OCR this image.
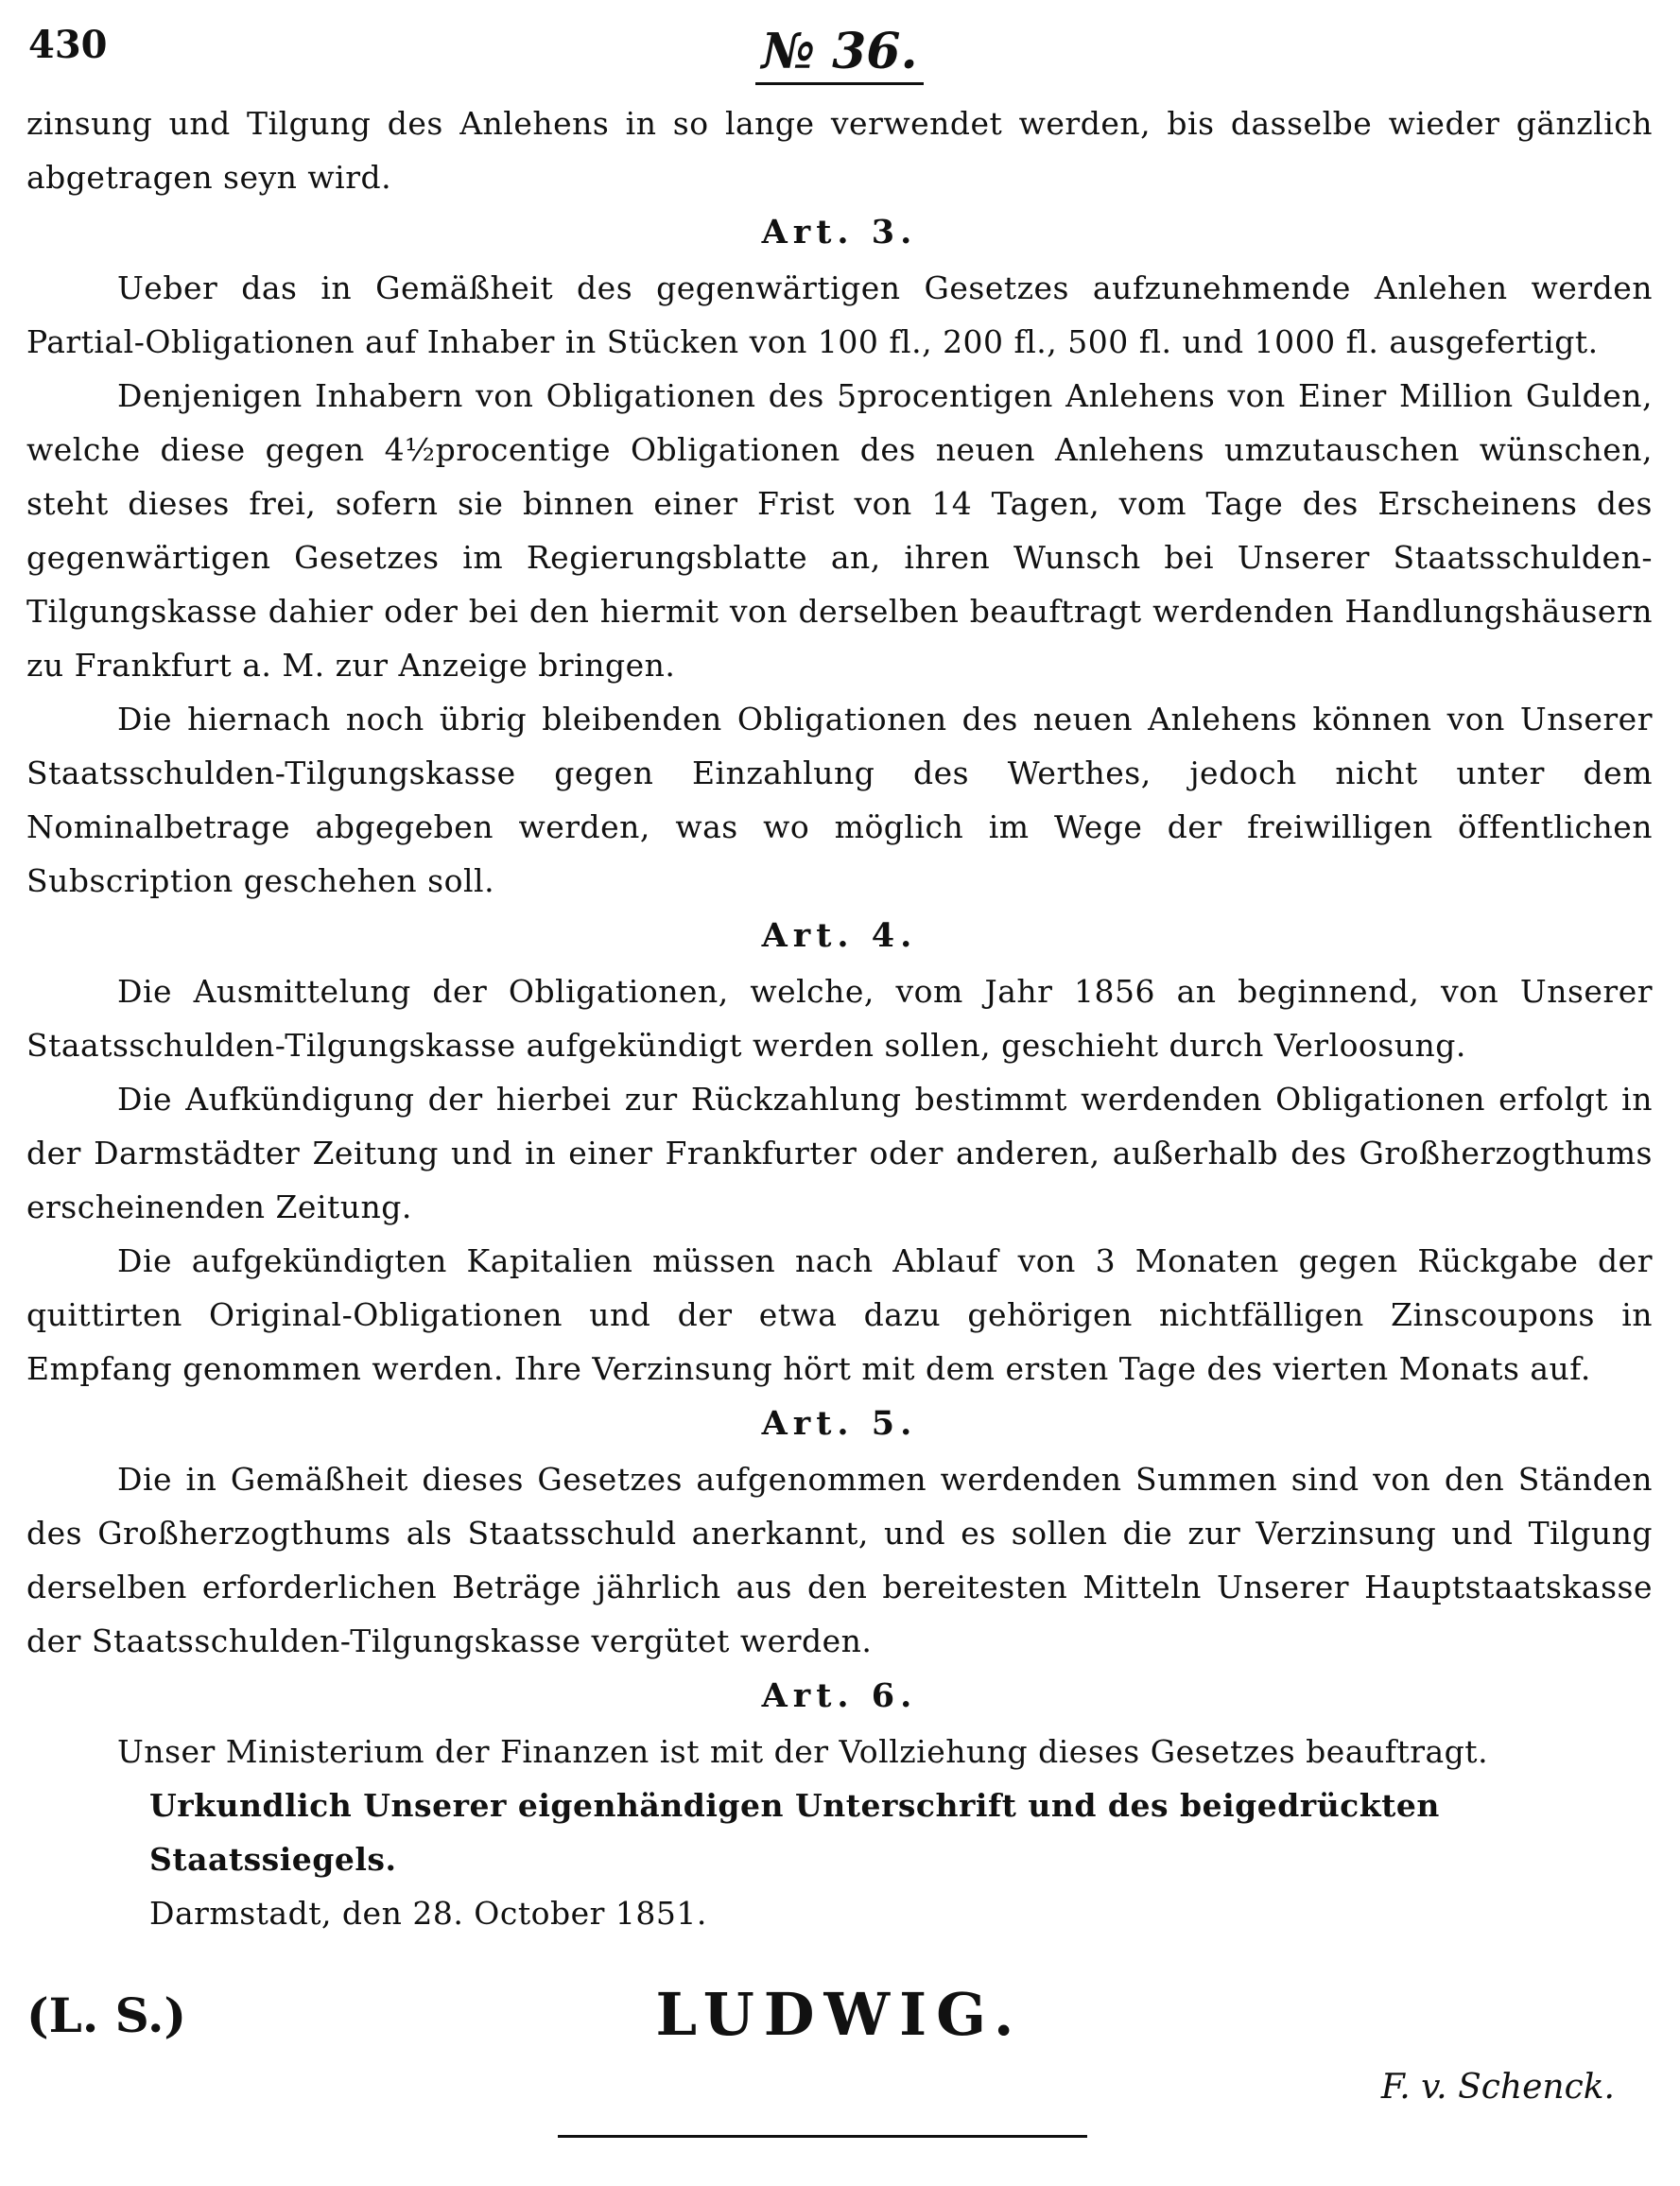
430	№ 36.

zinsung und Tilgung des Anlehens in so lange verwendet werden, bis dasselbe wieder gänzlich abgetragen seyn wird.

Art. 3.

Ueber das in Gemäßheit des gegenwärtigen Gesetzes aufzunehmende Anlehen werden Partial-Obligationen auf Inhaber in Stücken von 100 fl., 200 fl., 500 fl. und 1000 fl. ausgefertigt.

Denjenigen Inhabern von Obligationen des 5procentigen Anlehens von Einer Million Gulden, welche diese gegen 4½procentige Obligationen des neuen Anlehens umzutauschen wünschen, steht dieses frei, sofern sie binnen einer Frist von 14 Tagen, vom Tage des Erscheinens des gegenwärtigen Gesetzes im Regierungsblatte an, ihren Wunsch bei Unserer Staatsschulden-Tilgungskasse dahier oder bei den hiermit von derselben beauftragt werdenden Handlungshäusern zu Frankfurt a. M. zur Anzeige bringen.

Die hiernach noch übrig bleibenden Obligationen des neuen Anlehens können von Unserer Staatsschulden-Tilgungskasse gegen Einzahlung des Werthes, jedoch nicht unter dem Nominalbetrage abgegeben werden, was wo möglich im Wege der freiwilligen öffentlichen Subscription geschehen soll.

Art. 4.

Die Ausmittelung der Obligationen, welche, vom Jahr 1856 an beginnend, von Unserer Staatsschulden-Tilgungskasse aufgekündigt werden sollen, geschieht durch Verloosung.

Die Aufkündigung der hierbei zur Rückzahlung bestimmt werdenden Obligationen erfolgt in der Darmstädter Zeitung und in einer Frankfurter oder anderen, außerhalb des Großherzogthums erscheinenden Zeitung.

Die aufgekündigten Kapitalien müssen nach Ablauf von 3 Monaten gegen Rückgabe der quittirten Original-Obligationen und der etwa dazu gehörigen nichtfälligen Zinscoupons in Empfang genommen werden. Ihre Verzinsung hört mit dem ersten Tage des vierten Monats auf.

Art. 5.

Die in Gemäßheit dieses Gesetzes aufgenommen werdenden Summen sind von den Ständen des Großherzogthums als Staatsschuld anerkannt, und es sollen die zur Verzinsung und Tilgung derselben erforderlichen Beträge jährlich aus den bereitesten Mitteln Unserer Hauptstaatskasse der Staatsschulden-Tilgungskasse vergütet werden.

Art. 6.

Unser Ministerium der Finanzen ist mit der Vollziehung dieses Gesetzes beauftragt.

Urkundlich Unserer eigenhändigen Unterschrift und des beigedrückten Staatssiegels.

Darmstadt, den 28. October 1851.

(L. S.)	LUDWIG.
F. v. Schenck.
